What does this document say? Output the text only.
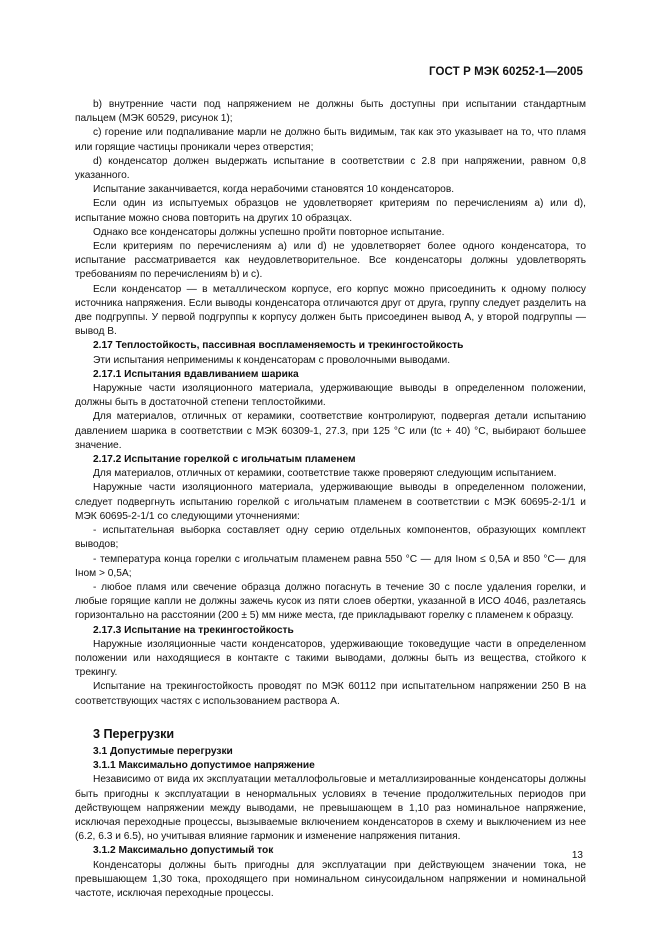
ГОСТ Р МЭК 60252-1—2005

b) внутренние части под напряжением не должны быть доступны при испытании стандартным пальцем (МЭК 60529, рисунок 1);

с) горение или подпаливание марли не должно быть видимым, так как это указывает на то, что пламя или горящие частицы проникали через отверстия;

d) конденсатор должен выдержать испытание в соответствии с 2.8 при напряжении, равном 0,8 указанного.

Испытание заканчивается, когда нерабочими становятся 10 конденсаторов.

Если один из испытуемых образцов не удовлетворяет критериям по перечислениям а) или d), испытание можно снова повторить на других 10 образцах.

Однако все конденсаторы должны успешно пройти повторное испытание.

Если критериям по перечислениям а) или d) не удовлетворяет более одного конденсатора, то испытание рассматривается как неудовлетворительное. Все конденсаторы должны удовлетворять требованиям по перечислениям b) и с).

Если конденсатор — в металлическом корпусе, его корпус можно присоединить к одному полюсу источника напряжения. Если выводы конденсатора отличаются друг от друга, группу следует разделить на две подгруппы. У первой подгруппы к корпусу должен быть присоединен вывод А, у второй подгруппы — вывод В.

2.17 Теплостойкость, пассивная воспламеняемость и трекингостойкость

Эти испытания неприменимы к конденсаторам с проволочными выводами.

2.17.1 Испытания вдавливанием шарика

Наружные части изоляционного материала, удерживающие выводы в определенном положении, должны быть в достаточной степени теплостойкими.

Для материалов, отличных от керамики, соответствие контролируют, подвергая детали испытанию давлением шарика в соответствии с МЭК 60309-1, 27.3, при 125 °С или (tс + 40) °С, выбирают большее значение.

2.17.2 Испытание горелкой с игольчатым пламенем

Для материалов, отличных от керамики, соответствие также проверяют следующим испытанием.

Наружные части изоляционного материала, удерживающие выводы в определенном положении, следует подвергнуть испытанию горелкой с игольчатым пламенем в соответствии с МЭК 60695-2-1/1 и МЭК 60695-2-1/1 со следующими уточнениями:

- испытательная выборка составляет одну серию отдельных компонентов, образующих комплект выводов;

- температура конца горелки с игольчатым пламенем равна 550 °С — для Iном ≤ 0,5А и 850 °С— для Iном > 0,5А;

- любое пламя или свечение образца должно погаснуть в течение 30 с после удаления горелки, и любые горящие капли не должны зажечь кусок из пяти слоев обертки, указанной в ИСО 4046, разлетаясь горизонтально на расстоянии (200 ± 5) мм ниже места, где прикладывают горелку с пламенем к образцу.

2.17.3 Испытание на трекингостойкость

Наружные изоляционные части конденсаторов, удерживающие токоведущие части в определенном положении или находящиеся в контакте с такими выводами, должны быть из вещества, стойкого к трекингу.

Испытание на трекингостойкость проводят по МЭК 60112 при испытательном напряжении 250 В на соответствующих частях с использованием раствора А.

3 Перегрузки

3.1 Допустимые перегрузки

3.1.1 Максимально допустимое напряжение

Независимо от вида их эксплуатации металлофольговые и металлизированные конденсаторы должны быть пригодны к эксплуатации в ненормальных условиях в течение продолжительных периодов при действующем напряжении между выводами, не превышающем в 1,10 раз номинальное напряжение, исключая переходные процессы, вызываемые включением конденсаторов в схему и выключением из нее (6.2, 6.3 и 6.5), но учитывая влияние гармоник и изменение напряжения питания.

3.1.2 Максимально допустимый ток

Конденсаторы должны быть пригодны для эксплуатации при действующем значении тока, не превышающем 1,30 тока, проходящего при номинальном синусоидальном напряжении и номинальной частоте, исключая переходные процессы.

13
